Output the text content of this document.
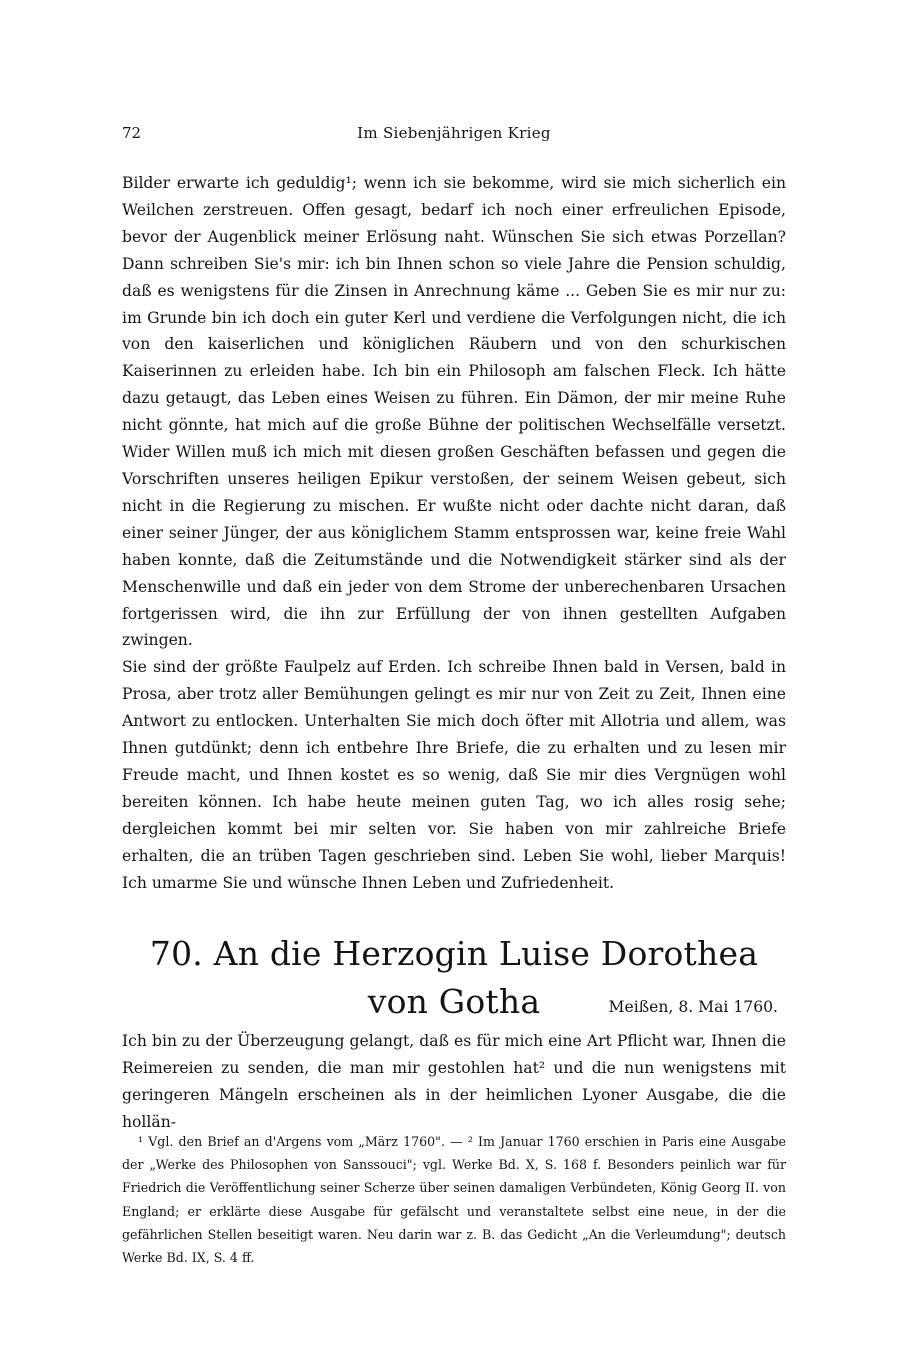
72	Im Siebenjährigen Krieg

Bilder erwarte ich geduldig¹; wenn ich sie bekomme, wird sie mich sicherlich ein Weilchen zerstreuen. Offen gesagt, bedarf ich noch einer erfreulichen Episode, bevor der Augenblick meiner Erlösung naht. Wünschen Sie sich etwas Porzellan? Dann schreiben Sie's mir: ich bin Ihnen schon so viele Jahre die Pension schuldig, daß es wenigstens für die Zinsen in Anrechnung käme ... Geben Sie es mir nur zu: im Grunde bin ich doch ein guter Kerl und verdiene die Verfolgungen nicht, die ich von den kaiserlichen und königlichen Räubern und von den schurkischen Kaiserinnen zu erleiden habe. Ich bin ein Philosoph am falschen Fleck. Ich hätte dazu getaugt, das Leben eines Weisen zu führen. Ein Dämon, der mir meine Ruhe nicht gönnte, hat mich auf die große Bühne der politischen Wechselfälle versetzt. Wider Willen muß ich mich mit diesen großen Geschäften befassen und gegen die Vorschriften unseres heiligen Epikur verstoßen, der seinem Weisen gebeut, sich nicht in die Regierung zu mischen. Er wußte nicht oder dachte nicht daran, daß einer seiner Jünger, der aus königlichem Stamm entsprossen war, keine freie Wahl haben konnte, daß die Zeitumstände und die Notwendigkeit stärker sind als der Menschenwille und daß ein jeder von dem Strome der unberechenbaren Ursachen fortgerissen wird, die ihn zur Erfüllung der von ihnen gestellten Aufgaben zwingen.

Sie sind der größte Faulpelz auf Erden. Ich schreibe Ihnen bald in Versen, bald in Prosa, aber trotz aller Bemühungen gelingt es mir nur von Zeit zu Zeit, Ihnen eine Antwort zu entlocken. Unterhalten Sie mich doch öfter mit Allotria und allem, was Ihnen gutdünkt; denn ich entbehre Ihre Briefe, die zu erhalten und zu lesen mir Freude macht, und Ihnen kostet es so wenig, daß Sie mir dies Vergnügen wohl bereiten können. Ich habe heute meinen guten Tag, wo ich alles rosig sehe; dergleichen kommt bei mir selten vor. Sie haben von mir zahlreiche Briefe erhalten, die an trüben Tagen geschrieben sind. Leben Sie wohl, lieber Marquis! Ich umarme Sie und wünsche Ihnen Leben und Zufriedenheit.

70. An die Herzogin Luise Dorothea von Gotha	Meißen, 8. Mai 1760.

Ich bin zu der Überzeugung gelangt, daß es für mich eine Art Pflicht war, Ihnen die Reimereien zu senden, die man mir gestohlen hat² und die nun wenigstens mit geringeren Mängeln erscheinen als in der heimlichen Lyoner Ausgabe, die die hollän-

¹ Vgl. den Brief an d'Argens vom „März 1760". — ² Im Januar 1760 erschien in Paris eine Ausgabe der „Werke des Philosophen von Sanssouci"; vgl. Werke Bd. X, S. 168 f. Besonders peinlich war für Friedrich die Veröffentlichung seiner Scherze über seinen damaligen Verbündeten, König Georg II. von England; er erklärte diese Ausgabe für gefälscht und veranstaltete selbst eine neue, in der die gefährlichen Stellen beseitigt waren. Neu darin war z. B. das Gedicht „An die Verleumdung"; deutsch Werke Bd. IX, S. 4 ff.
